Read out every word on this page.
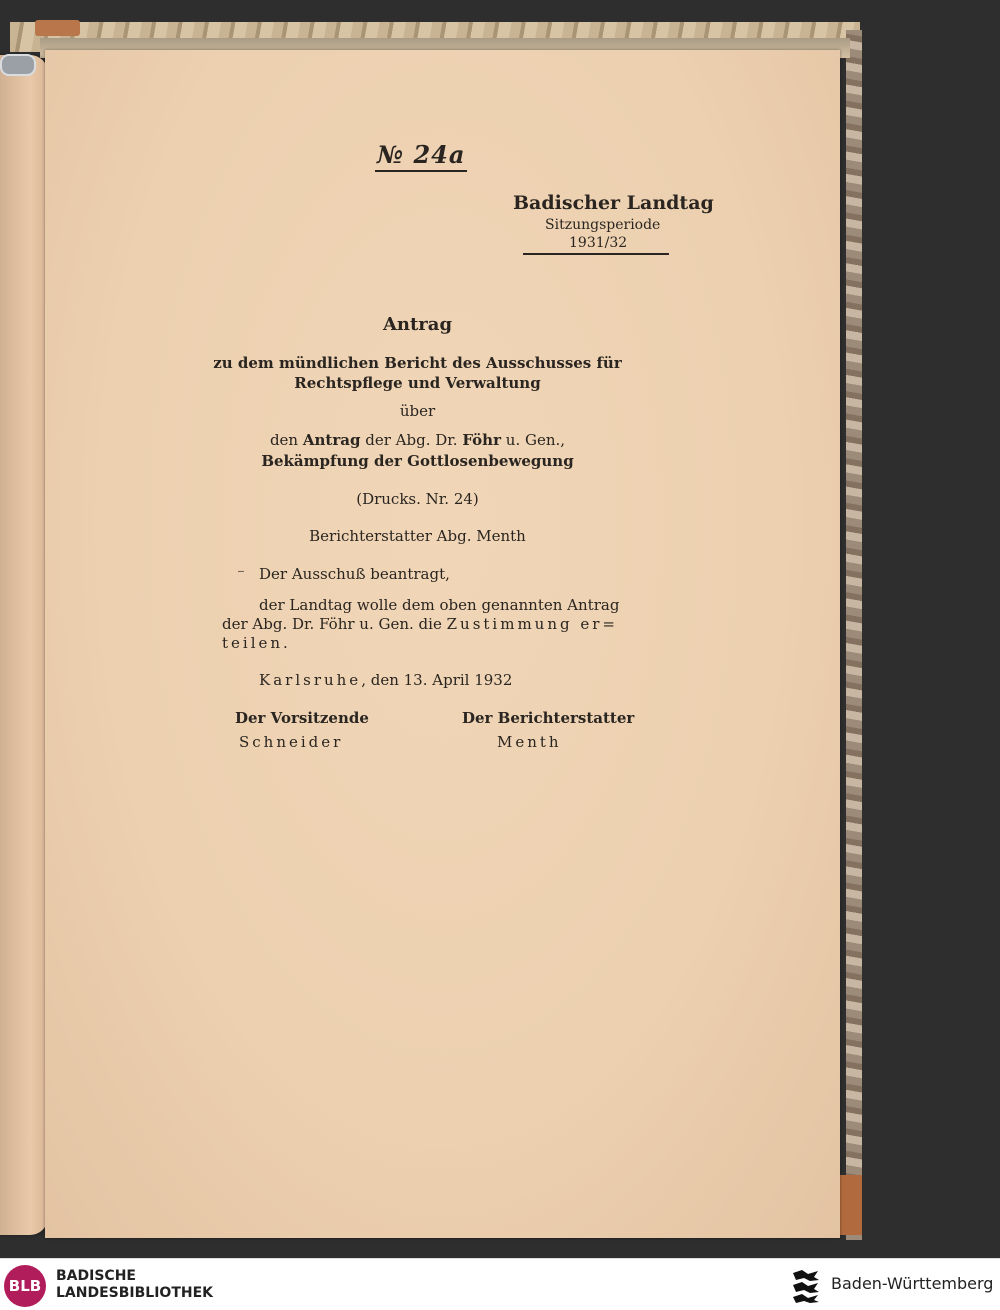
№ 24a
Badischer Landtag
Sitzungsperiode
1931/32
Antrag
zu dem mündlichen Bericht des Ausschusses für
Rechtspflege und Verwaltung
über
den Antrag der Abg. Dr. Föhr u. Gen.,
Bekämpfung der Gottlosenbewegung
(Drucks. Nr. 24)
Berichterstatter Abg. Menth
⁻ Der Ausschuß beantragt,
der Landtag wolle dem oben genannten Antrag
der Abg. Dr. Föhr u. Gen. die Zustimmung er=
teilen.
Karlsruhe, den 13. April 1932
Der Vorsitzende	Der Berichterstatter
Schneider	Menth
BLB
BADISCHE
LANDESBIBLIOTHEK	Baden-Württemberg
